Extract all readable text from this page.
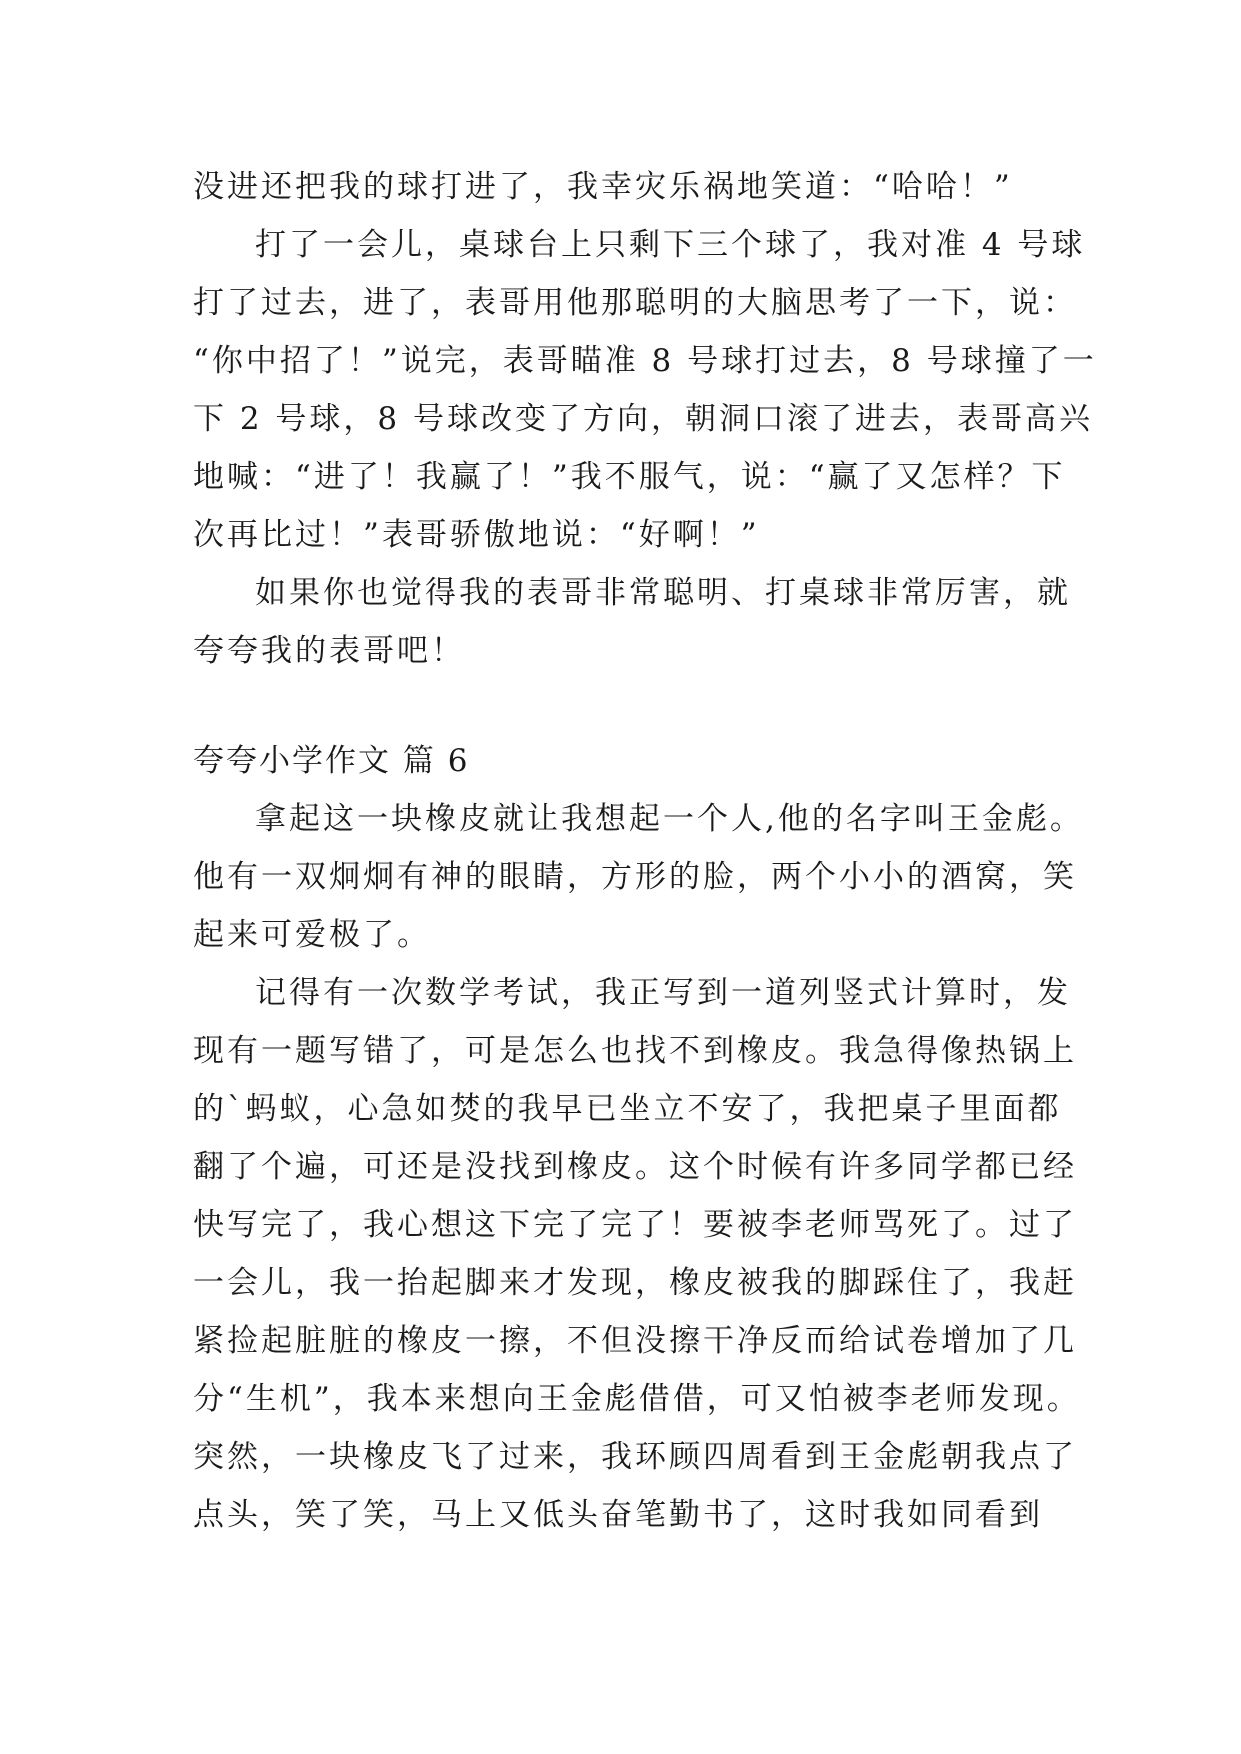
没进还把我的球打进了，我幸灾乐祸地笑道：“哈哈！”
打了一会儿，桌球台上只剩下三个球了，我对准 4 号球
打了过去，进了，表哥用他那聪明的大脑思考了一下，说：
“你中招了！”说完，表哥瞄准 8 号球打过去，8 号球撞了一
下 2 号球，8 号球改变了方向，朝洞口滚了进去，表哥高兴
地喊：“进了！我赢了！”我不服气，说：“赢了又怎样？下
次再比过！”表哥骄傲地说：“好啊！”
如果你也觉得我的表哥非常聪明、打桌球非常厉害，就
夸夸我的表哥吧！
夸夸小学作文 篇 6
拿起这一块橡皮就让我想起一个人,他的名字叫王金彪。
他有一双炯炯有神的眼睛，方形的脸，两个小小的酒窝，笑
起来可爱极了。
记得有一次数学考试，我正写到一道列竖式计算时，发
现有一题写错了，可是怎么也找不到橡皮。我急得像热锅上
的`蚂蚁，心急如焚的我早已坐立不安了，我把桌子里面都
翻了个遍，可还是没找到橡皮。这个时候有许多同学都已经
快写完了，我心想这下完了完了！要被李老师骂死了。过了
一会儿，我一抬起脚来才发现，橡皮被我的脚踩住了，我赶
紧捡起脏脏的橡皮一擦，不但没擦干净反而给试卷增加了几
分“生机”，我本来想向王金彪借借，可又怕被李老师发现。
突然，一块橡皮飞了过来，我环顾四周看到王金彪朝我点了
点头，笑了笑，马上又低头奋笔勤书了，这时我如同看到
